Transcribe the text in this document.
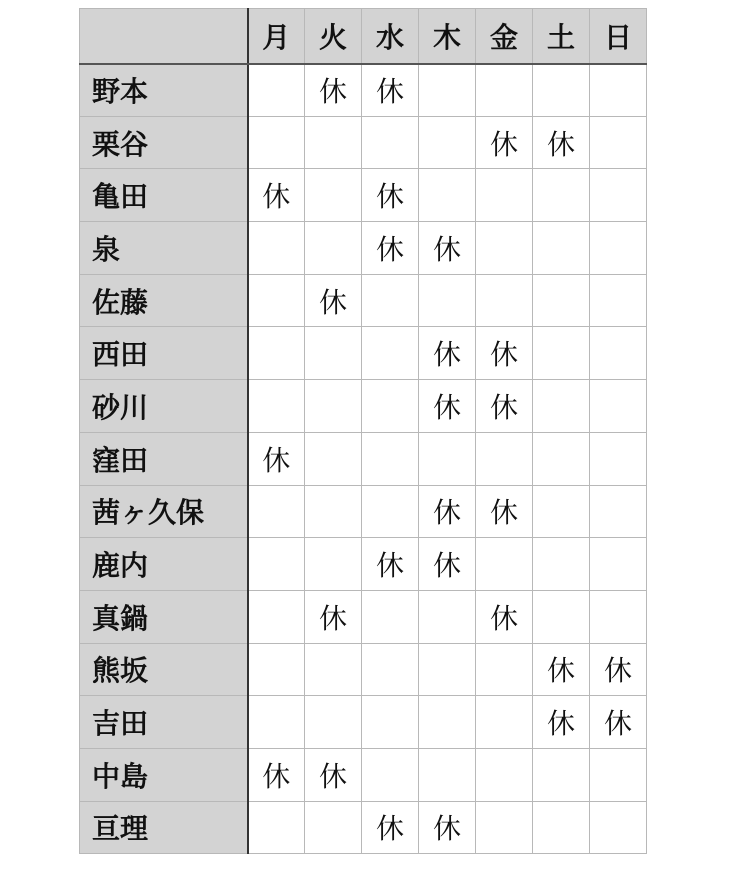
	月	火	水	木	金	土	日
野本		休	休				
栗谷					休	休	
亀田	休		休				
泉			休	休			
佐藤		休					
西田				休	休		
砂川				休	休		
窪田	休						
茜ヶ久保				休	休		
鹿内			休	休			
真鍋		休			休		
熊坂						休	休
吉田						休	休
中島	休	休					
亘理			休	休			
